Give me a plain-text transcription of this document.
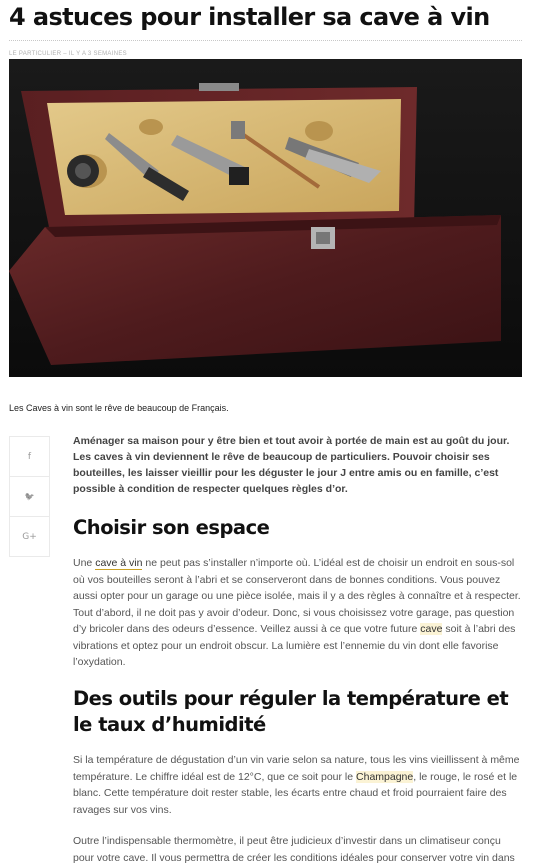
4 astuces pour installer sa cave à vin
LE PARTICULIER – IL Y A 3 SEMAINES
Les Caves à vin sont le rêve de beaucoup de Français.
f
🐦
G+

Aménager sa maison pour y être bien et tout avoir à portée de main est au goût du jour. Les caves à vin deviennent le rêve de beaucoup de particuliers. Pouvoir choisir ses bouteilles, les laisser vieillir pour les déguster le jour J entre amis ou en famille, c’est possible à condition de respecter quelques règles d’or.

Choisir son espace

Une cave à vin ne peut pas s’installer n’importe où. L’idéal est de choisir un endroit en sous-sol où vos bouteilles seront à l’abri et se conserveront dans de bonnes conditions. Vous pouvez aussi opter pour un garage ou une pièce isolée, mais il y a des règles à connaître et à respecter. Tout d’abord, il ne doit pas y avoir d’odeur. Donc, si vous choisissez votre garage, pas question d’y bricoler dans des odeurs d’essence. Veillez aussi à ce que votre future cave soit à l’abri des vibrations et optez pour un endroit obscur. La lumière est l’ennemie du vin dont elle favorise l’oxydation.

Des outils pour réguler la température et le taux d’humidité

Si la température de dégustation d’un vin varie selon sa nature, tous les vins vieillissent à même température. Le chiffre idéal est de 12°C, que ce soit pour le Champagne, le rouge, le rosé et le blanc. Cette température doit rester stable, les écarts entre chaud et froid pourraient faire des ravages sur vos vins.

Outre l’indispensable thermomètre, il peut être judicieux d’investir dans un climatiseur conçu pour votre cave. Il vous permettra de créer les conditions idéales pour conserver votre vin dans
